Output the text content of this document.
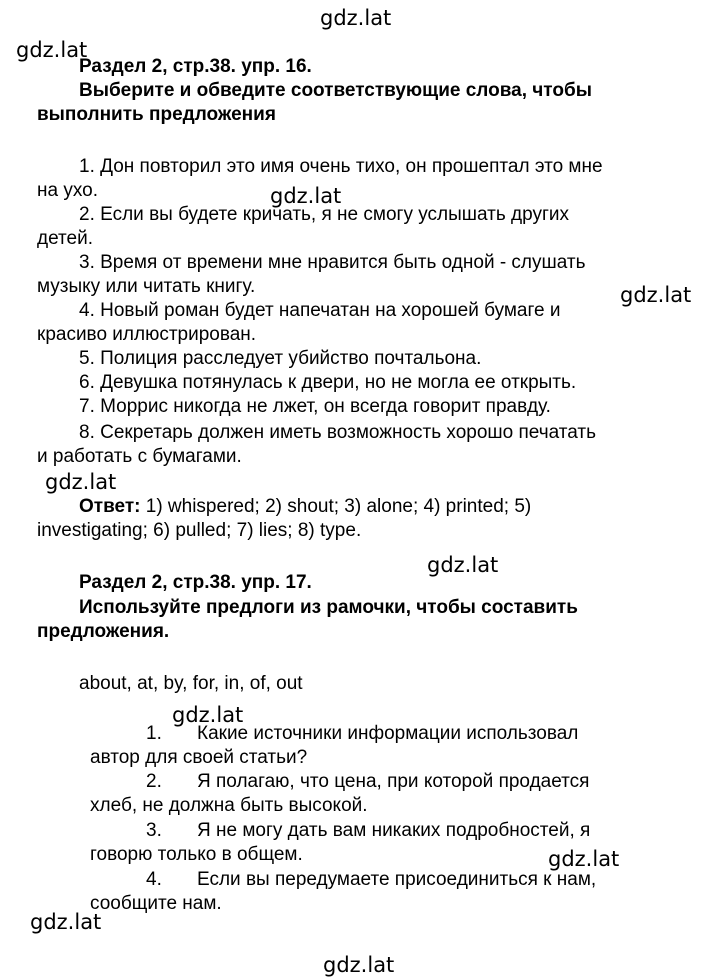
gdz.lat
gdz.lat
gdz.lat
gdz.lat
gdz.lat
gdz.lat
gdz.lat
gdz.lat
gdz.lat
gdz.lat
Раздел 2, стр.38. упр. 16.
Выберите и обведите соответствующие слова, чтобы
выполнить предложения
1. Дон повторил это имя очень тихо, он прошептал это мне
на ухо.
2. Если вы будете кричать, я не смогу услышать других
детей.
3. Время от времени мне нравится быть одной - слушать
музыку или читать книгу.
4. Новый роман будет напечатан на хорошей бумаге и
красиво иллюстрирован.
5. Полиция расследует убийство почтальона.
6. Девушка потянулась к двери, но не могла ее открыть.
7. Моррис никогда не лжет, он всегда говорит правду.
8. Секретарь должен иметь возможность хорошо печатать
и работать с бумагами.
Ответ: 1) whispered; 2) shout; 3) alone; 4) printed; 5)
investigating; 6) pulled; 7) lies; 8) type.
Раздел 2, стр.38. упр. 17.
Используйте предлоги из рамочки, чтобы составить
предложения.
about, at, by, for, in, of, out
1. Какие источники информации использовал
автор для своей статьи?
2. Я полагаю, что цена, при которой продается
хлеб, не должна быть высокой.
3. Я не могу дать вам никаких подробностей, я
говорю только в общем.
4. Если вы передумаете присоединиться к нам,
сообщите нам.
